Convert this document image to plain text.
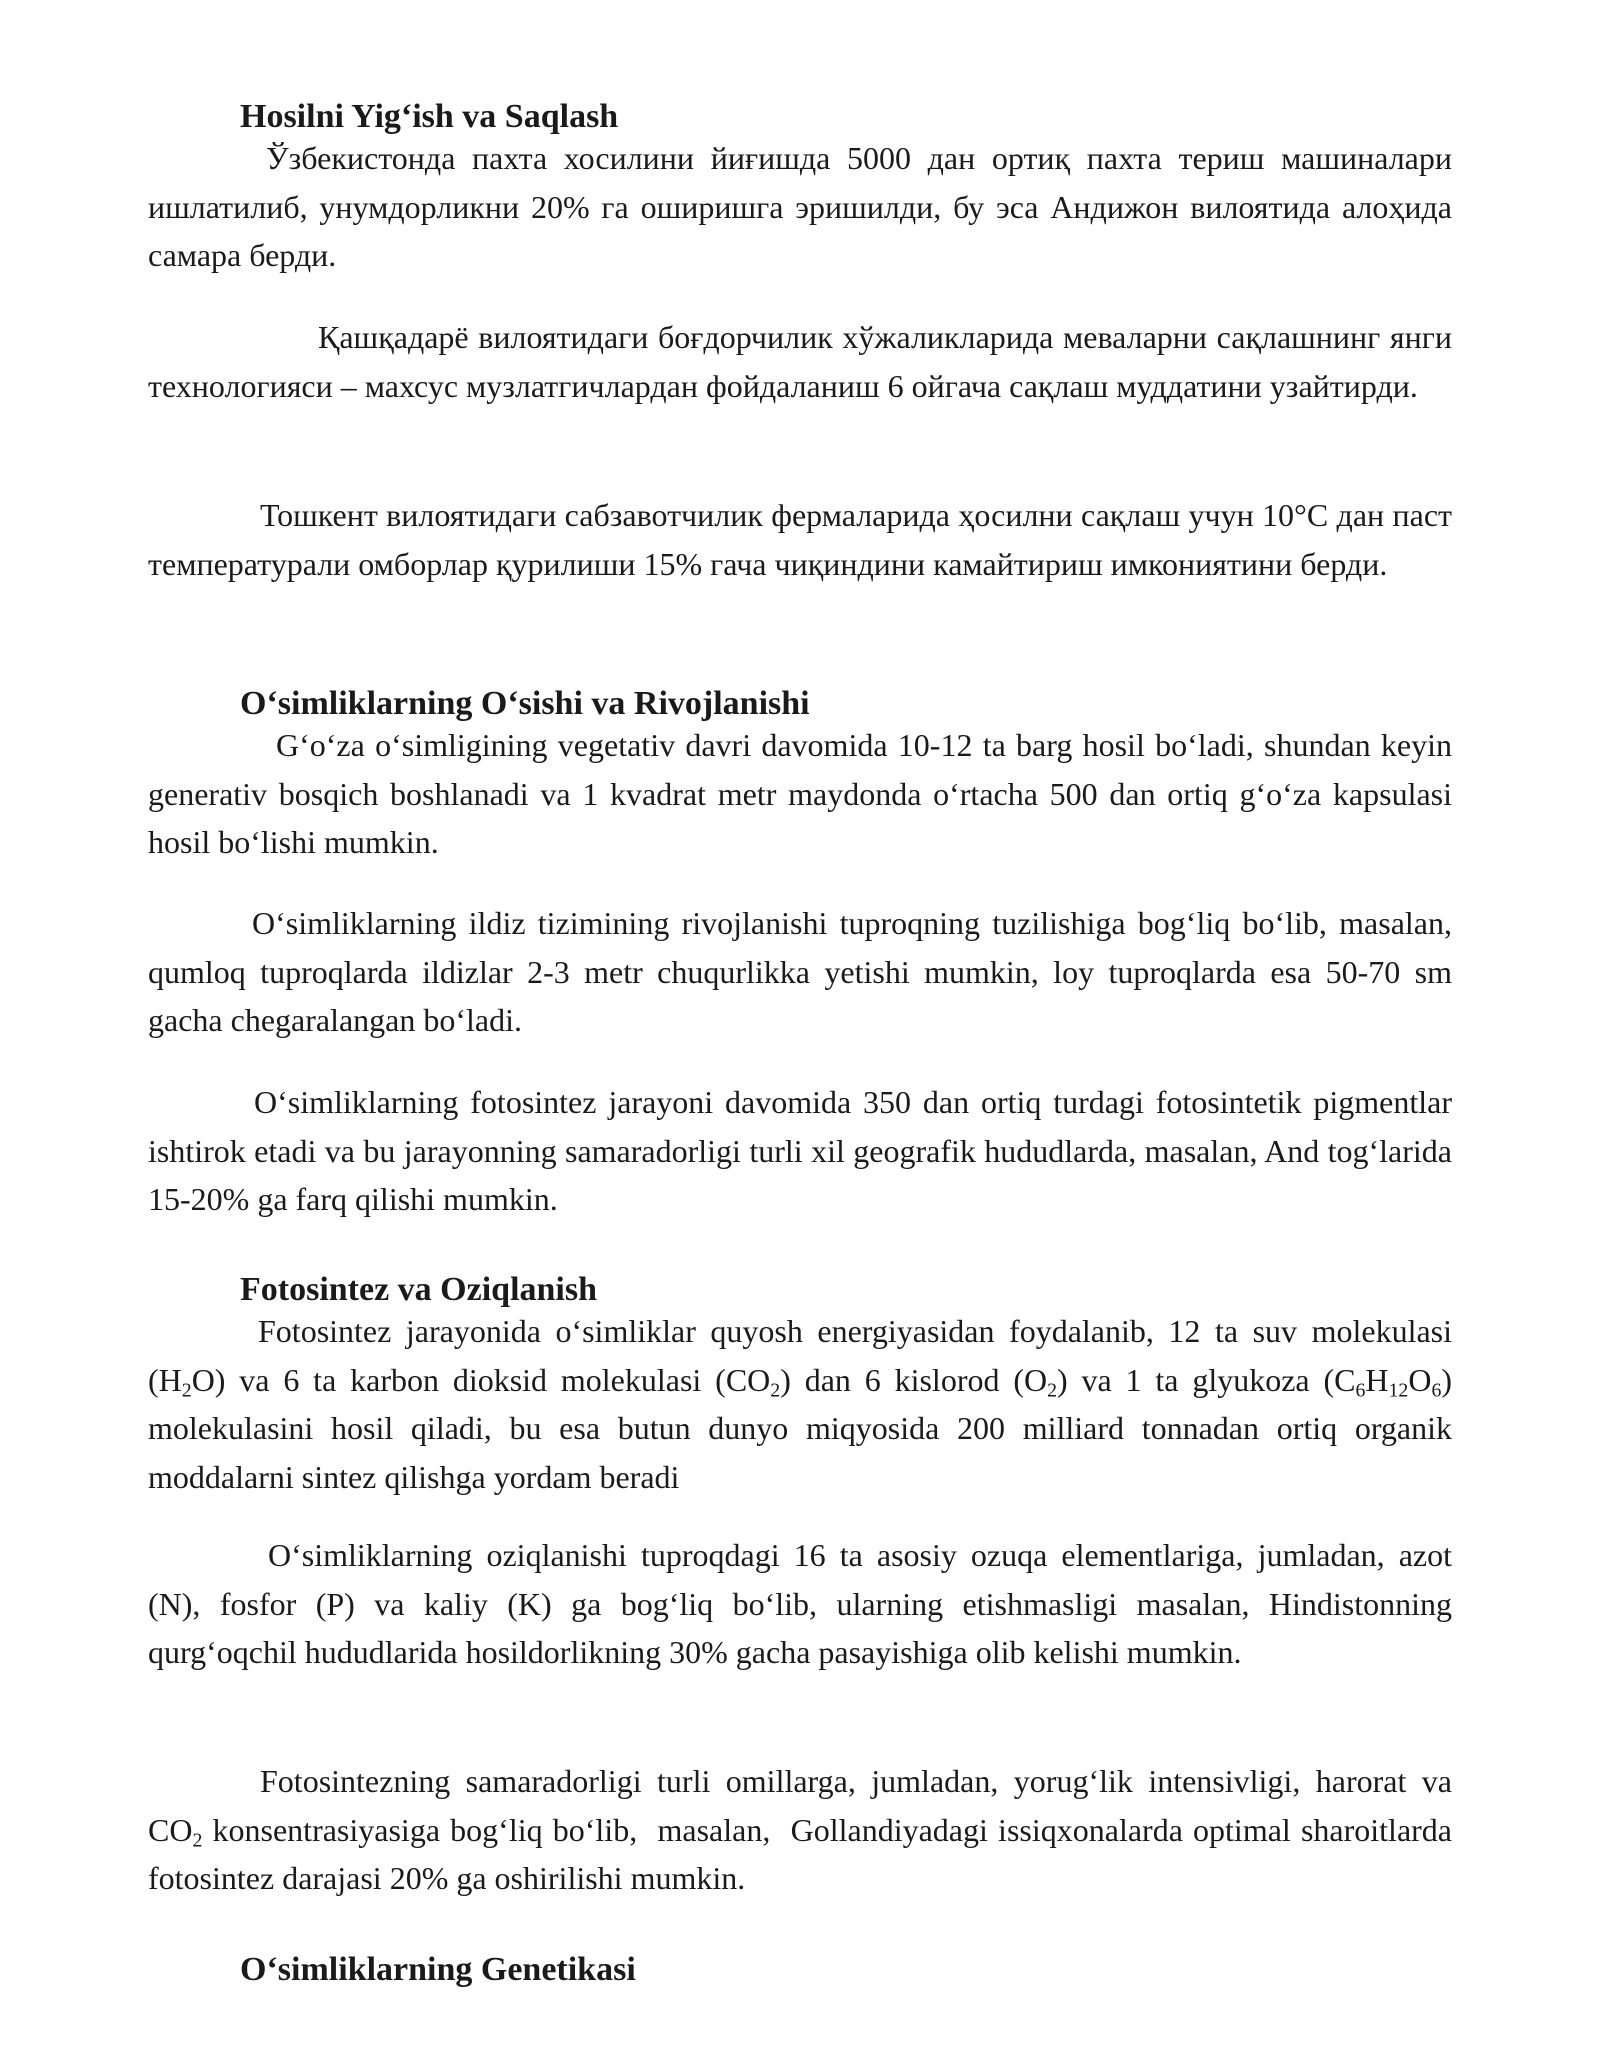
Hosilni Yig‘ish va Saqlash

Ўзбекистонда пахта хосилини йиғишда 5000 дан ортиқ пахта териш машиналари ишлатилиб, унумдорликни 20% га оширишга эришилди, бу эса Андижон вилоятида алоҳида самара берди.

Қашқадарё вилоятидаги боғдорчилик хўжаликларида меваларни сақлашнинг янги технологияси – махсус музлатгичлардан фойдаланиш 6 ойгача сақлаш муддатини узайтирди.

Тошкент вилоятидаги сабзавотчилик фермаларида ҳосилни сақлаш учун 10°C дан паст температурали омборлар қурилиши 15% гача чиқиндини камайтириш имкониятини берди.

O‘simliklarning O‘sishi va Rivojlanishi

G‘o‘za o‘simligining vegetativ davri davomida 10-12 ta barg hosil bo‘ladi, shundan keyin generativ bosqich boshlanadi va 1 kvadrat metr maydonda o‘rtacha 500 dan ortiq g‘o‘za kapsulasi hosil bo‘lishi mumkin.

O‘simliklarning ildiz tizimining rivojlanishi tuproqning tuzilishiga bog‘liq bo‘lib, masalan, qumloq tuproqlarda ildizlar 2-3 metr chuqurlikka yetishi mumkin, loy tuproqlarda esa 50-70 sm gacha chegaralangan bo‘ladi.

O‘simliklarning fotosintez jarayoni davomida 350 dan ortiq turdagi fotosintetik pigmentlar ishtirok etadi va bu jarayonning samaradorligi turli xil geografik hududlarda, masalan, And tog‘larida 15-20% ga farq qilishi mumkin.

Fotosintez va Oziqlanish

Fotosintez jarayonida o‘simliklar quyosh energiyasidan foydalanib, 12 ta suv molekulasi $(H_2O)$ va 6 ta karbon dioksid molekulasi $(CO_2)$ dan 6 kislorod $(O_2)$ va 1 ta glyukoza $(C_6H_{12}O_6)$ molekulasini hosil qiladi, bu esa butun dunyo miqyosida 200 milliard tonnadan ortiq organik moddalarni sintez qilishga yordam beradi

O‘simliklarning oziqlanishi tuproqdagi 16 ta asosiy ozuqa elementlariga, jumladan, azot (N), fosfor (P) va kaliy (K) ga bog‘liq bo‘lib, ularning etishmasligi masalan, Hindistonning qurg‘oqchil hududlarida hosildorlikning 30% gacha pasayishiga olib kelishi mumkin.

Fotosintezning samaradorligi turli omillarga, jumladan, yorug‘lik intensivligi, harorat va $CO_2$ konsentrasiyasiga bog‘liq bo‘lib,  masalan,  Gollandiyadagi issiqxonalarda optimal sharoitlarda fotosintez darajasi 20% ga oshirilishi mumkin.

O‘simliklarning Genetikasi
